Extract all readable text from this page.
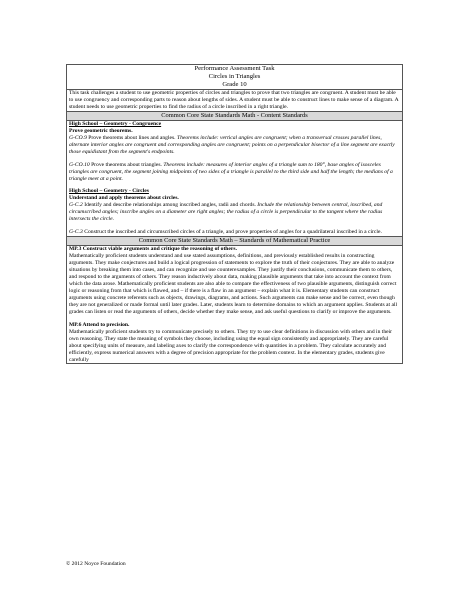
Performance Assessment Task
Circles in Triangles
Grade 10
This task challenges a student to use geometric properties of circles and triangles to prove that two triangles are congruent. A student must be able to use congruency and corresponding parts to reason about lengths of sides. A student must be able to construct lines to make sense of a diagram. A student needs to use geometric properties to find the radius of a circle inscribed in a right triangle.
Common Core State Standards Math - Content Standards
High School – Geometry - Congruence
Prove geometric theorems.
G-CO.9 Prove theorems about lines and angles. Theorems include: vertical angles are congruent; when a transversal crosses parallel lines, alternate interior angles are congruent and corresponding angles are congruent; points on a perpendicular bisector of a line segment are exactly those equidistant from the segment's endpoints.
G-CO.10 Prove theorems about triangles. Theorems include: measures of interior angles of a triangle sum to 180°, base angles of isosceles triangles are congruent, the segment joining midpoints of two sides of a triangle is parallel to the third side and half the length; the medians of a triangle meet at a point.
High School – Geometry - Circles
Understand and apply theorems about circles.
G-C.2 Identify and describe relationships among inscribed angles, radii and chords. Include the relationship between central, inscribed, and circumscribed angles; inscribe angles on a diameter are right angles; the radius of a circle is perpendicular to the tangent where the radius intersects the circle.
G-C.3 Construct the inscribed and circumscribed circles of a triangle, and prove properties of angles for a quadrilateral inscribed in a circle.
Common Core State Standards Math – Standards of Mathematical Practice
MP.3 Construct viable arguments and critique the reasoning of others.
Mathematically proficient students understand and use stated assumptions, definitions, and previously established results in constructing arguments. They make conjectures and build a logical progression of statements to explore the truth of their conjectures. They are able to analyze situations by breaking them into cases, and can recognize and use counterexamples. They justify their conclusions, communicate them to others, and respond to the arguments of others. They reason inductively about data, making plausible arguments that take into account the context from which the data arose. Mathematically proficient students are also able to compare the effectiveness of two plausible arguments, distinguish correct logic or reasoning from that which is flawed, and – if there is a flaw in an argument – explain what it is. Elementary students can construct arguments using concrete referents such as objects, drawings, diagrams, and actions. Such arguments can make sense and be correct, even though they are not generalized or made formal until later grades. Later, students learn to determine domains to which an argument applies. Students at all grades can listen or read the arguments of others, decide whether they make sense, and ask useful questions to clarify or improve the arguments.
MP.6 Attend to precision.
Mathematically proficient students try to communicate precisely to others. They try to use clear definitions in discussion with others and in their own reasoning. They state the meaning of symbols they choose, including using the equal sign consistently and appropriately. They are careful about specifying units of measure, and labeling axes to clarify the correspondence with quantities in a problem. They calculate accurately and efficiently, express numerical answers with a degree of precision appropriate for the problem context. In the elementary grades, students give carefully
© 2012 Noyce Foundation
